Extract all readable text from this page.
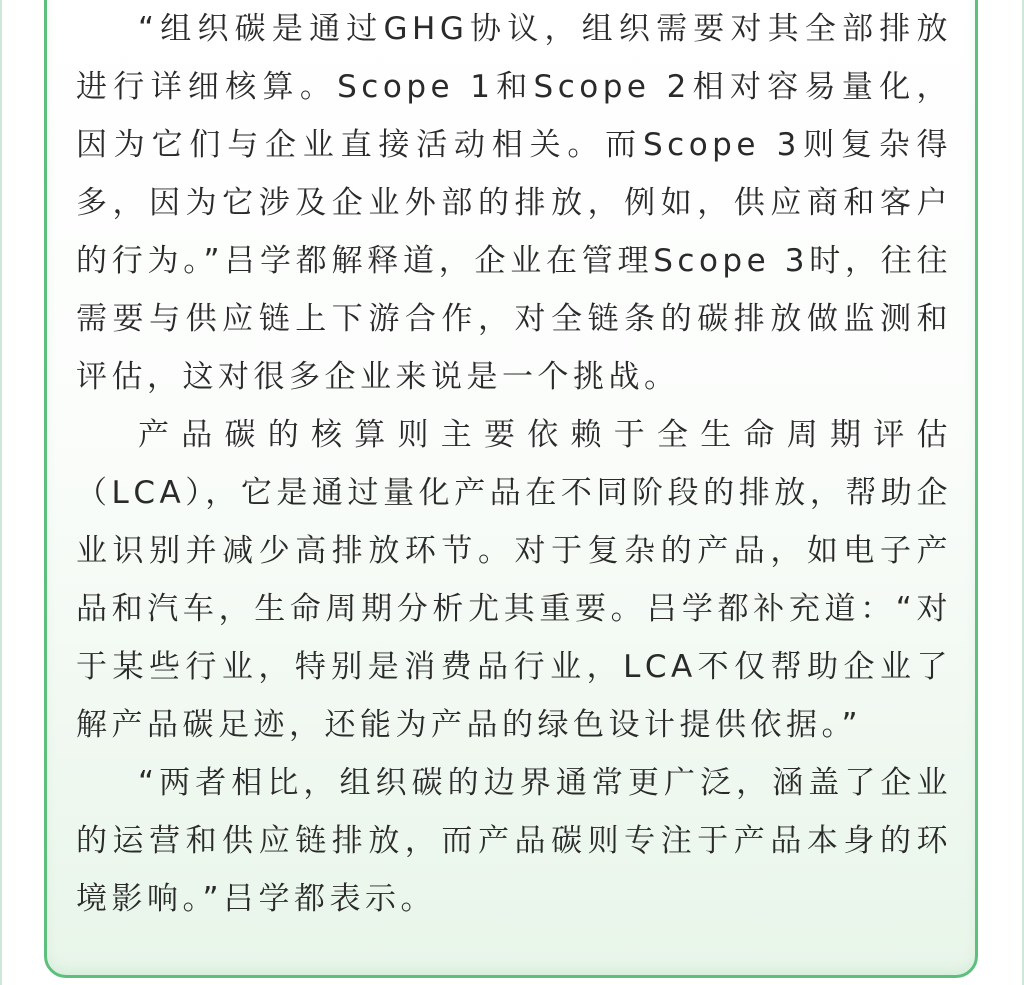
“组织碳是通过GHG协议，组织需要对其全部排放进行详细核算。Scope 1和Scope 2相对容易量化，因为它们与企业直接活动相关。而Scope 3则复杂得多，因为它涉及企业外部的排放，例如，供应商和客户的行为。”吕学都解释道，企业在管理Scope 3时，往往需要与供应链上下游合作，对全链条的碳排放做监测和评估，这对很多企业来说是一个挑战。

产品碳的核算则主要依赖于全生命周期评估（LCA），它是通过量化产品在不同阶段的排放，帮助企业识别并减少高排放环节。对于复杂的产品，如电子产品和汽车，生命周期分析尤其重要。吕学都补充道：“对于某些行业，特别是消费品行业，LCA不仅帮助企业了解产品碳足迹，还能为产品的绿色设计提供依据。”

“两者相比，组织碳的边界通常更广泛，涵盖了企业的运营和供应链排放，而产品碳则专注于产品本身的环境影响。”吕学都表示。
